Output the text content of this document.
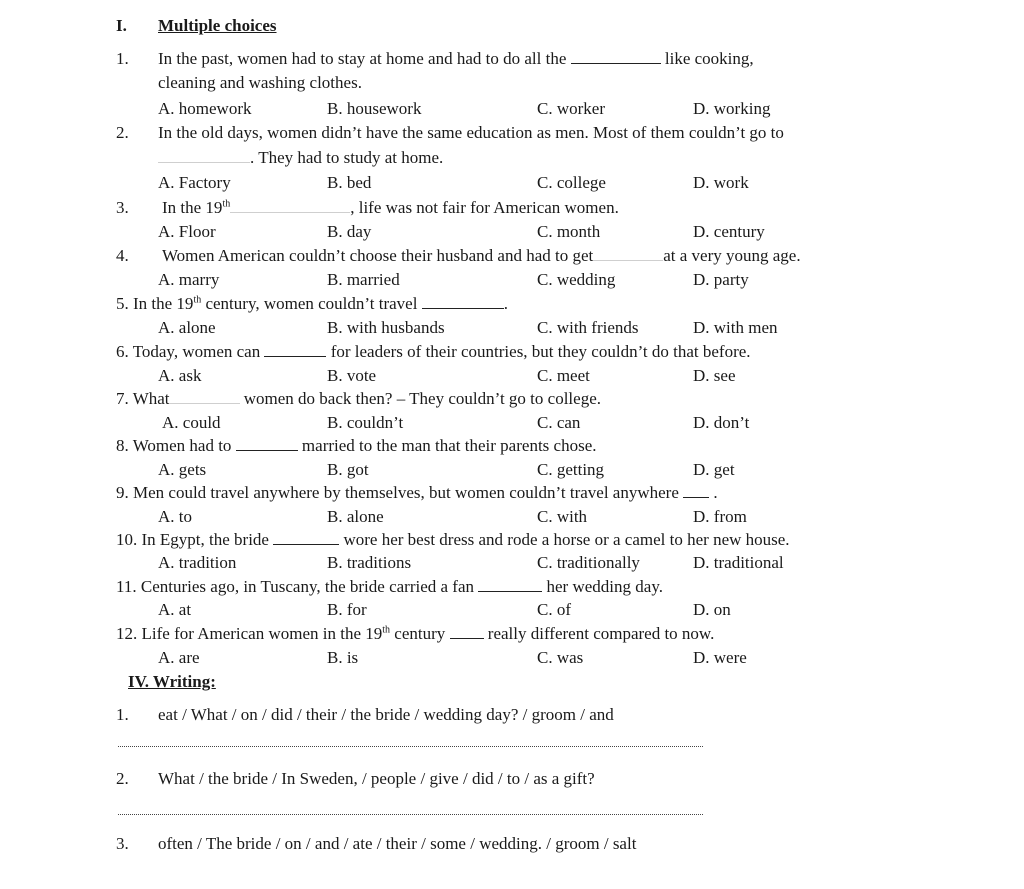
I. Multiple choices
1. In the past, women had to stay at home and had to do all the	like cooking,
cleaning and washing clothes.
A. homework	B. housework	C. worker	D. working
2. In the old days, women didn’t have the same education as men. Most of them couldn’t go to
. They had to study at home.
A. Factory	B. bed	C. college	D. work
3. In the 19th	, life was not fair for American women.
A. Floor	B. day	C. month	D. century
4. Women American couldn’t choose their husband and had to get	at a very young age.
A. marry	B. married	C. wedding	D. party
5. In the 19th century, women couldn’t travel	.
A. alone	B. with husbands	C. with friends	D. with men
6. Today, women can	for leaders of their countries, but they couldn’t do that before.
A. ask	B. vote	C. meet	D. see
7. What	women do back then? – They couldn’t go to college.
A. could	B. couldn’t	C. can	D. don’t
8. Women had to	married to the man that their parents chose.
A. gets	B. got	C. getting	D. get
9. Men could travel anywhere by themselves, but women couldn’t travel anywhere .
A. to	B. alone	C. with	D. from
10. In Egypt, the bride	wore her best dress and rode a horse or a camel to her new house.
A. tradition	B. traditions	C. traditionally	D. traditional
11. Centuries ago, in Tuscany, the bride carried a fan	her wedding day.
A. at	B. for	C. of	D. on
12. Life for American women in the 19th century	really different compared to now.
A. are	B. is	C. was	D. were
IV. Writing:
1. eat / What / on / did / their / the bride / wedding day? / groom / and
2. What / the bride / In Sweden, / people / give / did / to / as a gift?
3. often / The bride / on / and / ate / their / some / wedding. / groom / salt
